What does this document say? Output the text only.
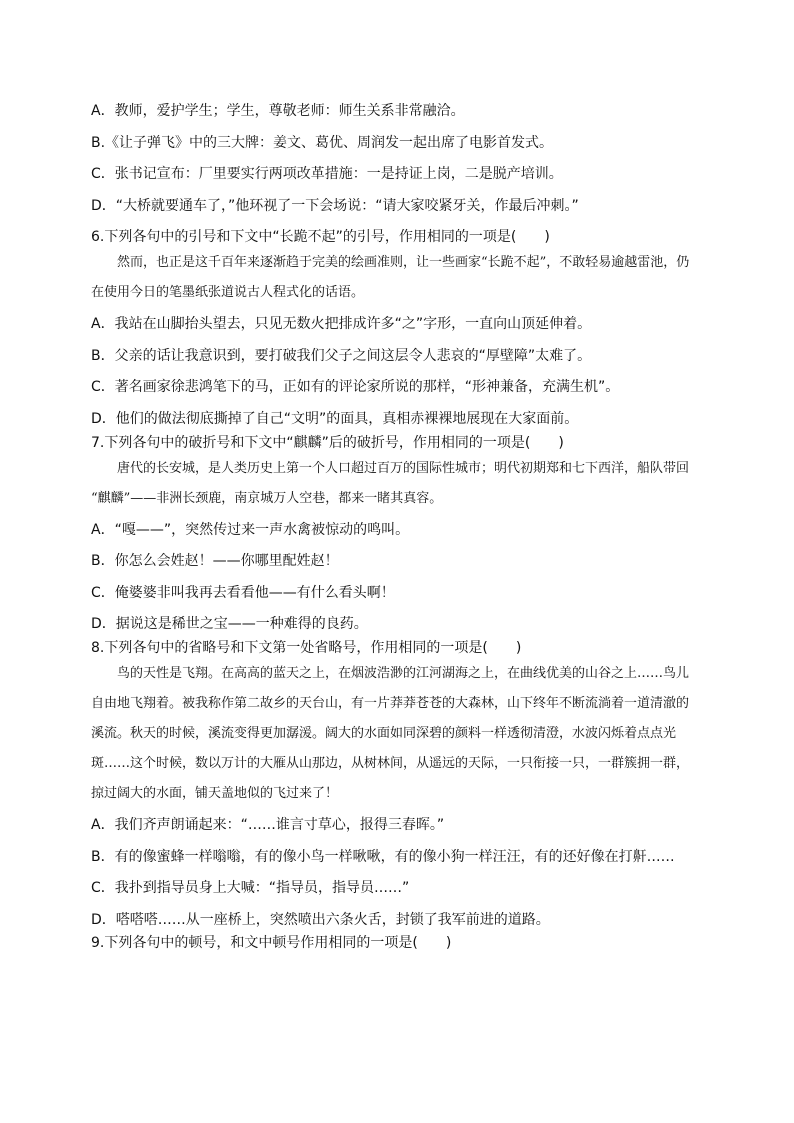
A．教师，爱护学生；学生，尊敬老师：师生关系非常融洽。
B.《让子弹飞》中的三大牌：姜文、葛优、周润发一起出席了电影首发式。
C．张书记宣布：厂里要实行两项改革措施：一是持证上岗，二是脱产培训。
D．“大桥就要通车了，”他环视了一下会场说：“请大家咬紧牙关，作最后冲刺。”
6.下列各句中的引号和下文中“长跪不起”的引号，作用相同的一项是(　　)
然而，也正是这千百年来逐渐趋于完美的绘画准则，让一些画家“长跪不起”，不敢轻易逾越雷池，仍
在使用今日的笔墨纸张道说古人程式化的话语。
A．我站在山脚抬头望去，只见无数火把排成许多“之”字形，一直向山顶延伸着。
B．父亲的话让我意识到，要打破我们父子之间这层令人悲哀的“厚壁障”太难了。
C．著名画家徐悲鸿笔下的马，正如有的评论家所说的那样，“形神兼备，充满生机”。
D．他们的做法彻底撕掉了自己“文明”的面具，真相赤裸裸地展现在大家面前。
7.下列各句中的破折号和下文中“麒麟”后的破折号，作用相同的一项是(　　)
唐代的长安城，是人类历史上第一个人口超过百万的国际性城市；明代初期郑和七下西洋，船队带回
“麒麟”——非洲长颈鹿，南京城万人空巷，都来一睹其真容。
A．“嘎——”，突然传过来一声水禽被惊动的鸣叫。
B．你怎么会姓赵！——你哪里配姓赵！
C．俺婆婆非叫我再去看看他——有什么看头啊！
D．据说这是稀世之宝——一种难得的良药。
8.下列各句中的省略号和下文第一处省略号，作用相同的一项是(　　)
鸟的天性是飞翔。在高高的蓝天之上，在烟波浩渺的江河湖海之上，在曲线优美的山谷之上……鸟儿
自由地飞翔着。被我称作第二故乡的天台山，有一片莽莽苍苍的大森林，山下终年不断流淌着一道清澈的
溪流。秋天的时候，溪流变得更加潺湲。阔大的水面如同深碧的颜料一样透彻清澄，水波闪烁着点点光
斑……这个时候，数以万计的大雁从山那边，从树林间，从遥远的天际，一只衔接一只，一群簇拥一群，
掠过阔大的水面，铺天盖地似的飞过来了！
A．我们齐声朗诵起来：“……谁言寸草心，报得三春晖。”
B．有的像蜜蜂一样嗡嗡，有的像小鸟一样啾啾，有的像小狗一样汪汪，有的还好像在打鼾……
C．我扑到指导员身上大喊：“指导员，指导员……”
D．嗒嗒嗒……从一座桥上，突然喷出六条火舌，封锁了我军前进的道路。
9.下列各句中的顿号，和文中顿号作用相同的一项是(　　)
